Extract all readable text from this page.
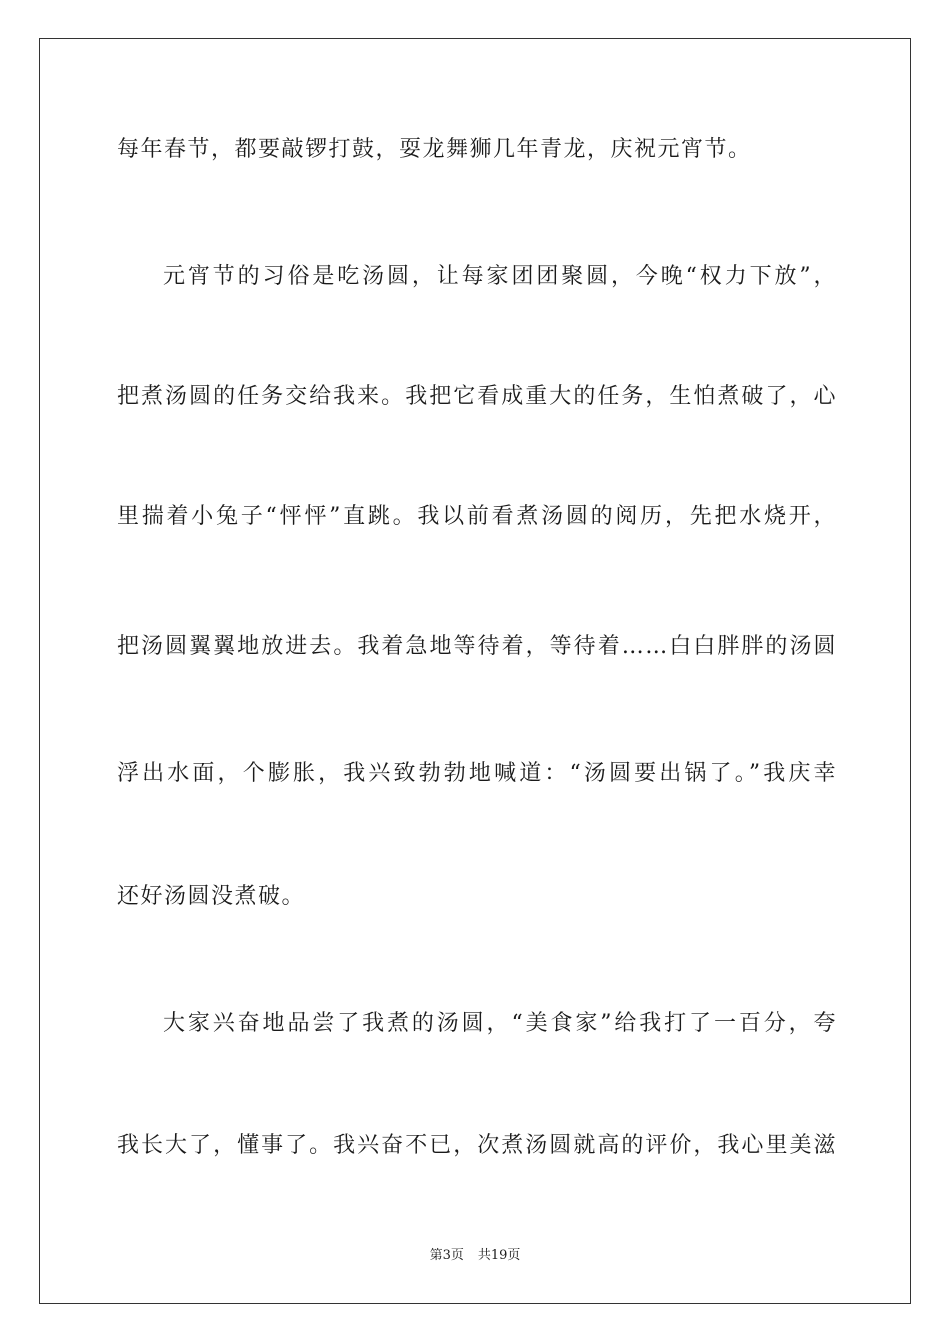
每年春节，都要敲锣打鼓，耍龙舞狮几年青龙，庆祝元宵节。
元宵节的习俗是吃汤圆，让每家团团聚圆，今晚“权力下放”，
把煮汤圆的任务交给我来。我把它看成重大的任务，生怕煮破了，心
里揣着小兔子“怦怦”直跳。我以前看煮汤圆的阅历，先把水烧开，
把汤圆翼翼地放进去。我着急地等待着，等待着……白白胖胖的汤圆
浮出水面，个膨胀，我兴致勃勃地喊道：“汤圆要出锅了。”我庆幸
还好汤圆没煮破。
大家兴奋地品尝了我煮的汤圆，“美食家”给我打了一百分，夸
我长大了，懂事了。我兴奋不已，次煮汤圆就高的评价，我心里美滋
第3页 共19页
